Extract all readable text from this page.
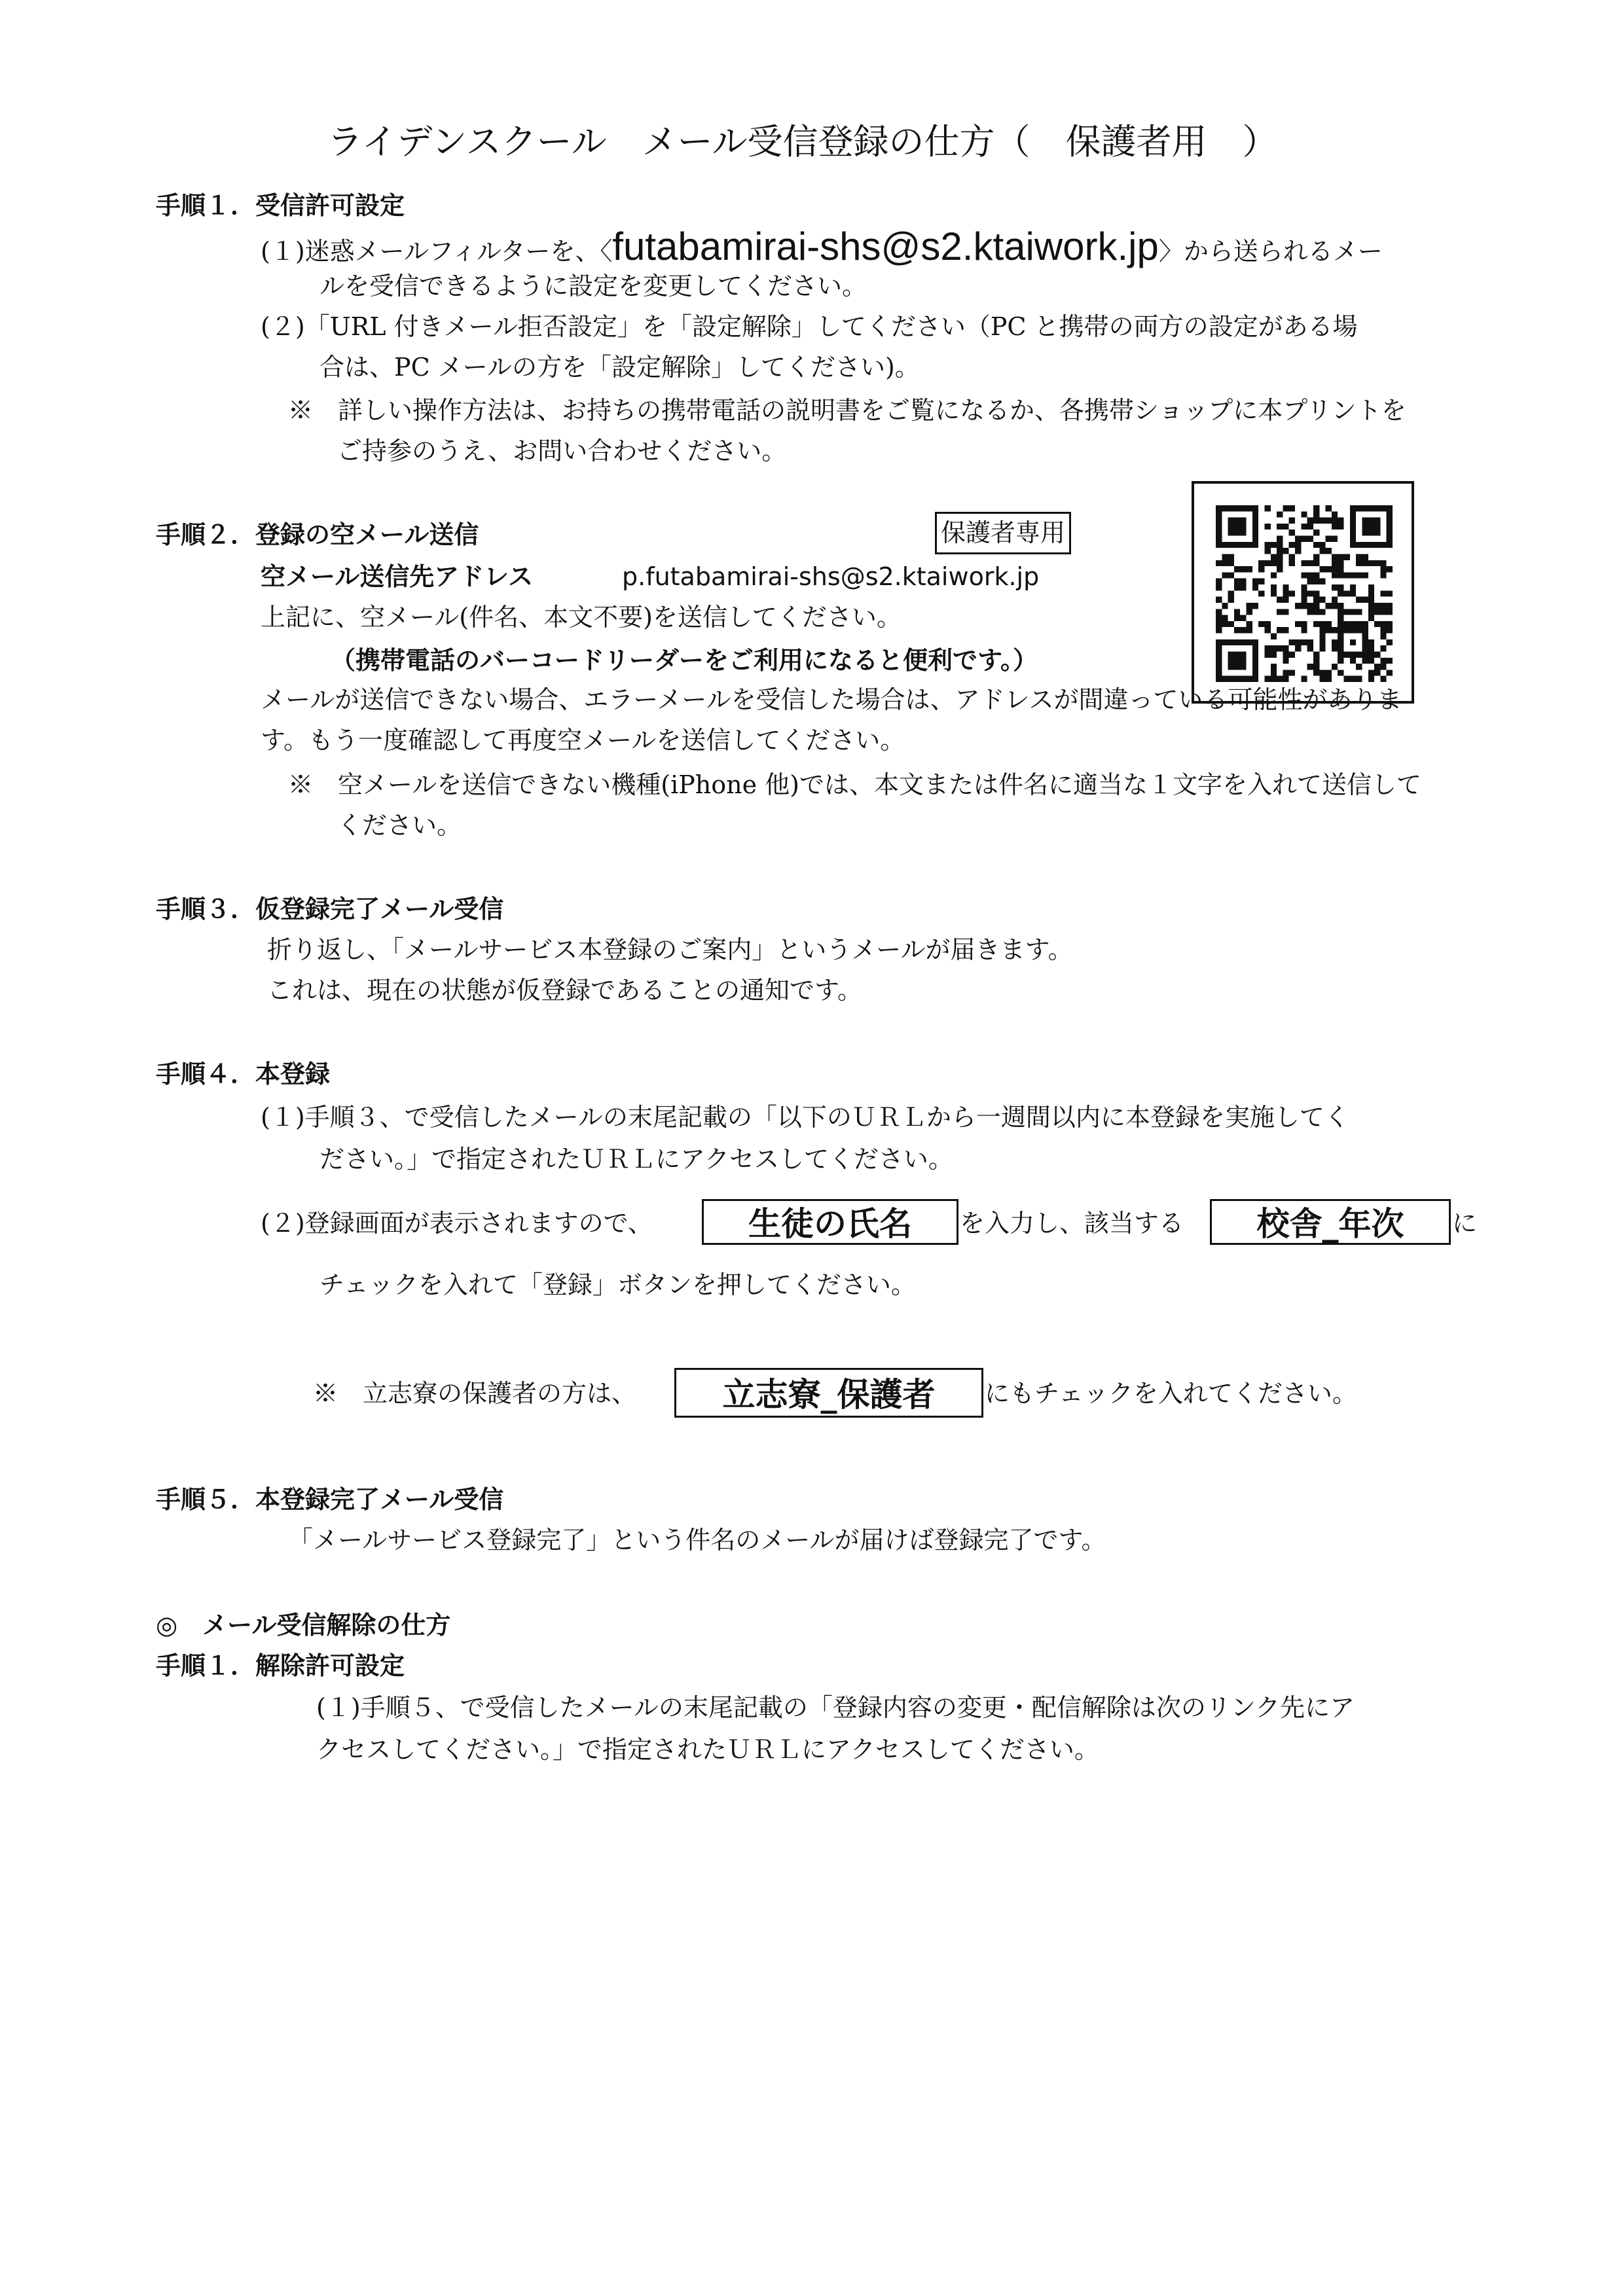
ライデンスクール　メール受信登録の仕方（　保護者用　）
手順１．受信許可設定
(１)迷惑メールフィルターを、〈futabamirai-shs@s2.ktaiwork.jp〉から送られるメー
ルを受信できるように設定を変更してください。
(２)「URL 付きメール拒否設定」を「設定解除」してください（PC と携帯の両方の設定がある場
合は、PC メールの方を「設定解除」してください)。
※　詳しい操作方法は、お持ちの携帯電話の説明書をご覧になるか、各携帯ショップに本プリントを
ご持参のうえ、お問い合わせください。
手順２．登録の空メール送信	保護者専用
空メール送信先アドレス	p.futabamirai-shs@s2.ktaiwork.jp
上記に、空メール(件名、本文不要)を送信してください。
（携帯電話のバーコードリーダーをご利用になると便利です。）
メールが送信できない場合、エラーメールを受信した場合は、アドレスが間違っている可能性がありま
す。もう一度確認して再度空メールを送信してください。
※　空メールを送信できない機種(iPhone 他)では、本文または件名に適当な１文字を入れて送信して
ください。
手順３．仮登録完了メール受信
折り返し、「メールサービス本登録のご案内」というメールが届きます。
これは、現在の状態が仮登録であることの通知です。
手順４．本登録
(１)手順３、で受信したメールの末尾記載の「以下のＵＲＬから一週間以内に本登録を実施してく
ださい。」で指定されたＵＲＬにアクセスしてください。
(２)登録画面が表示されますので、	生徒の氏名	を入力し、該当する	校舎_年次	に
チェックを入れて「登録」ボタンを押してください。
※　立志寮の保護者の方は、	立志寮_保護者	にもチェックを入れてください。
手順５．本登録完了メール受信
「メールサービス登録完了」という件名のメールが届けば登録完了です。
◎　メール受信解除の仕方
手順１．解除許可設定
(１)手順５、で受信したメールの末尾記載の「登録内容の変更・配信解除は次のリンク先にア
クセスしてください。」で指定されたＵＲＬにアクセスしてください。
